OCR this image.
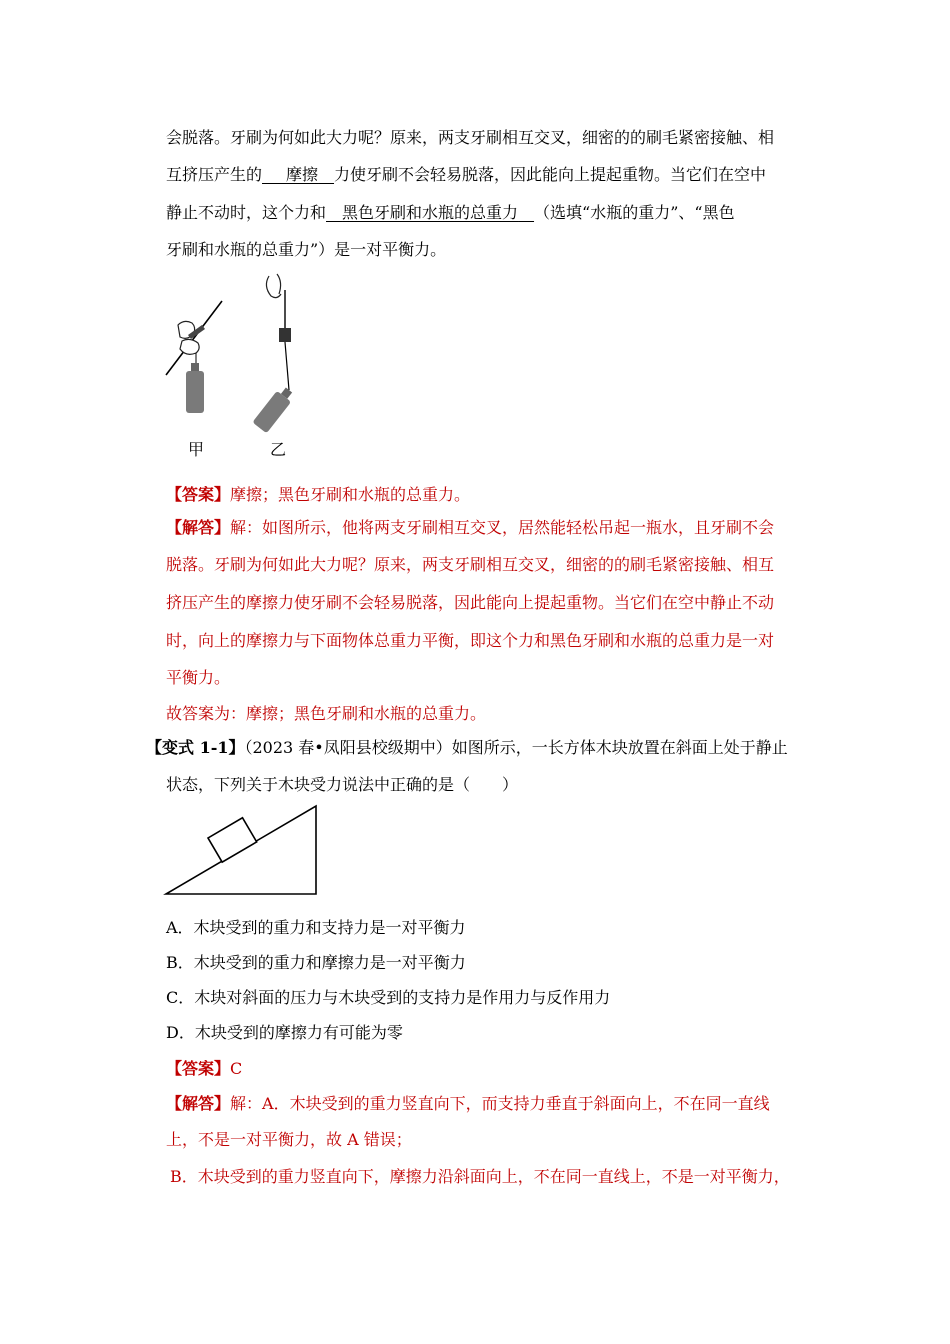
会脱落。牙刷为何如此大力呢？原来，两支牙刷相互交叉，细密的的刷毛紧密接触、相
互挤压产生的   摩擦  力使牙刷不会轻易脱落，因此能向上提起重物。当它们在空中
静止不动时，这个力和  黑色牙刷和水瓶的总重力  （选填“水瓶的重力”、“黑色
牙刷和水瓶的总重力”）是一对平衡力。
甲	乙
【答案】摩擦；黑色牙刷和水瓶的总重力。
【解答】解：如图所示，他将两支牙刷相互交叉，居然能轻松吊起一瓶水，且牙刷不会
脱落。牙刷为何如此大力呢？原来，两支牙刷相互交叉，细密的的刷毛紧密接触、相互
挤压产生的摩擦力使牙刷不会轻易脱落，因此能向上提起重物。当它们在空中静止不动
时，向上的摩擦力与下面物体总重力平衡，即这个力和黑色牙刷和水瓶的总重力是一对
平衡力。
故答案为：摩擦；黑色牙刷和水瓶的总重力。
【变式 1-1】（2023 春•凤阳县校级期中）如图所示，一长方体木块放置在斜面上处于静止
状态，下列关于木块受力说法中正确的是（　　）
A．木块受到的重力和支持力是一对平衡力
B．木块受到的重力和摩擦力是一对平衡力
C．木块对斜面的压力与木块受到的支持力是作用力与反作用力
D．木块受到的摩擦力有可能为零
【答案】C
【解答】解：A．木块受到的重力竖直向下，而支持力垂直于斜面向上，不在同一直线
上，不是一对平衡力，故 A 错误；
B．木块受到的重力竖直向下，摩擦力沿斜面向上，不在同一直线上，不是一对平衡力，
